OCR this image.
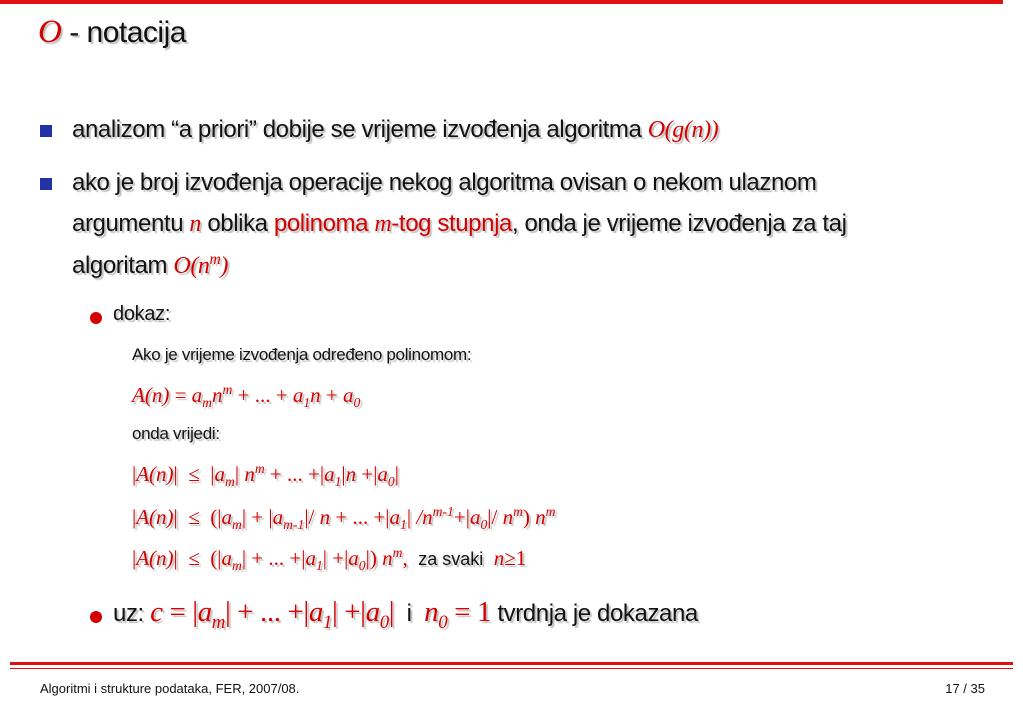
O - notacija
analizom “a priori” dobije se vrijeme izvođenja algoritma O(g(n))
ako je broj izvođenja operacije nekog algoritma ovisan o nekom ulaznom
argumentu n oblika polinoma m-tog stupnja, onda je vrijeme izvođenja za taj
algoritam $O(n^m)$
dokaz:
Ako je vrijeme izvođenja određeno polinomom:
$A(n) = a_mn^m$ + ... + $a_1n + a_0$
onda vrijedi:
$|A(n)| \le |a_m|$ $n^m$ + ... $+|a_1|n +|a_0|$
$|A(n)| \le (|a_m| + |a_{m-1}|/$ n + ... $+|a_1|$ $/n^{m-1}+|a_0|/$ $n^m$) $n^m$
$|A(n)| \le (|a_m|$ + ... $+|a_1| +|a_0|$) $n^m$, za svaki  n≥1
uz: $c = |a_m|$ + ... $+|a_1| +|a_0|$ i $n_0 = 1$ tvrdnja je dokazana
Algoritmi i strukture podataka, FER, 2007/08.	17 / 35
